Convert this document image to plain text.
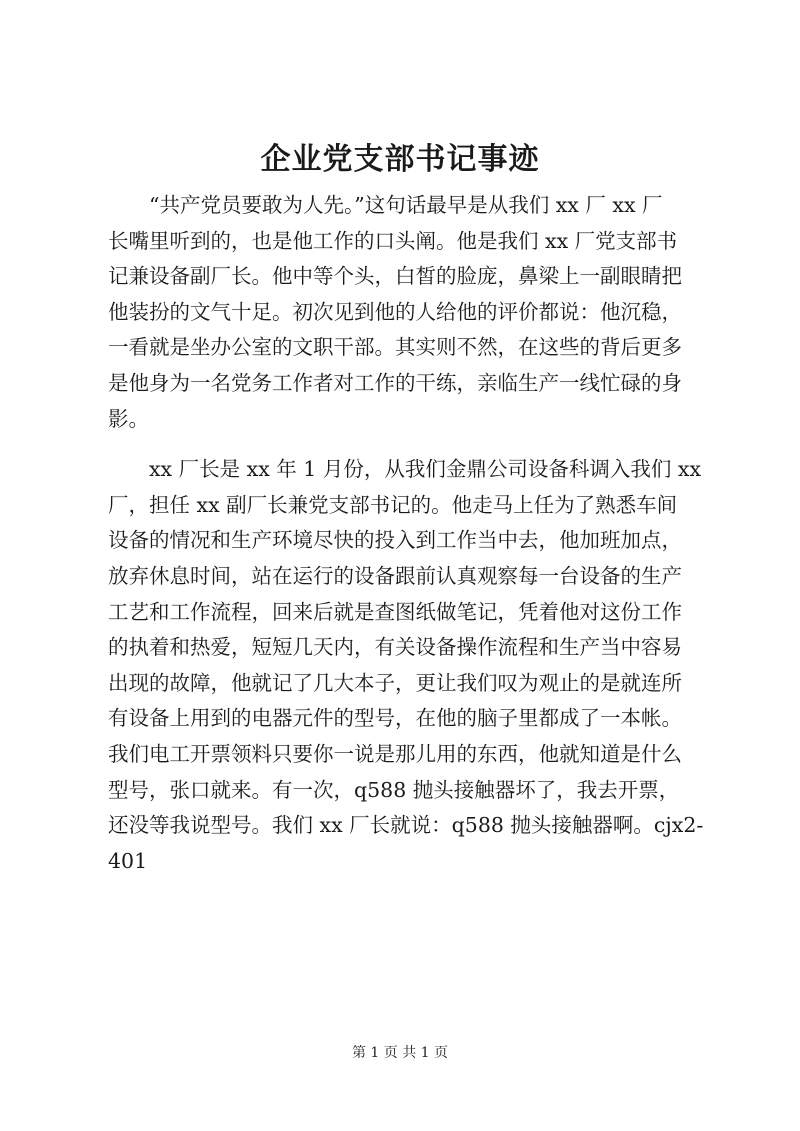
企业党支部书记事迹
“共产党员要敢为人先。”这句话最早是从我们 xx 厂 xx 厂
长嘴里听到的，也是他工作的口头阐。他是我们 xx 厂党支部书
记兼设备副厂长。他中等个头，白皙的脸庞，鼻梁上一副眼睛把
他装扮的文气十足。初次见到他的人给他的评价都说：他沉稳，
一看就是坐办公室的文职干部。其实则不然，在这些的背后更多
是他身为一名党务工作者对工作的干练，亲临生产一线忙碌的身
影。
xx 厂长是 xx 年 1 月份，从我们金鼎公司设备科调入我们 xx
厂，担任 xx 副厂长兼党支部书记的。他走马上任为了熟悉车间
设备的情况和生产环境尽快的投入到工作当中去，他加班加点，
放弃休息时间，站在运行的设备跟前认真观察每一台设备的生产
工艺和工作流程，回来后就是查图纸做笔记，凭着他对这份工作
的执着和热爱，短短几天内，有关设备操作流程和生产当中容易
出现的故障，他就记了几大本子，更让我们叹为观止的是就连所
有设备上用到的电器元件的型号，在他的脑子里都成了一本帐。
我们电工开票领料只要你一说是那儿用的东西，他就知道是什么
型号，张口就来。有一次，q588 抛头接触器坏了，我去开票，
还没等我说型号。我们 xx 厂长就说：q588 抛头接触器啊。cjx2-
401
第 1 页 共 1 页
